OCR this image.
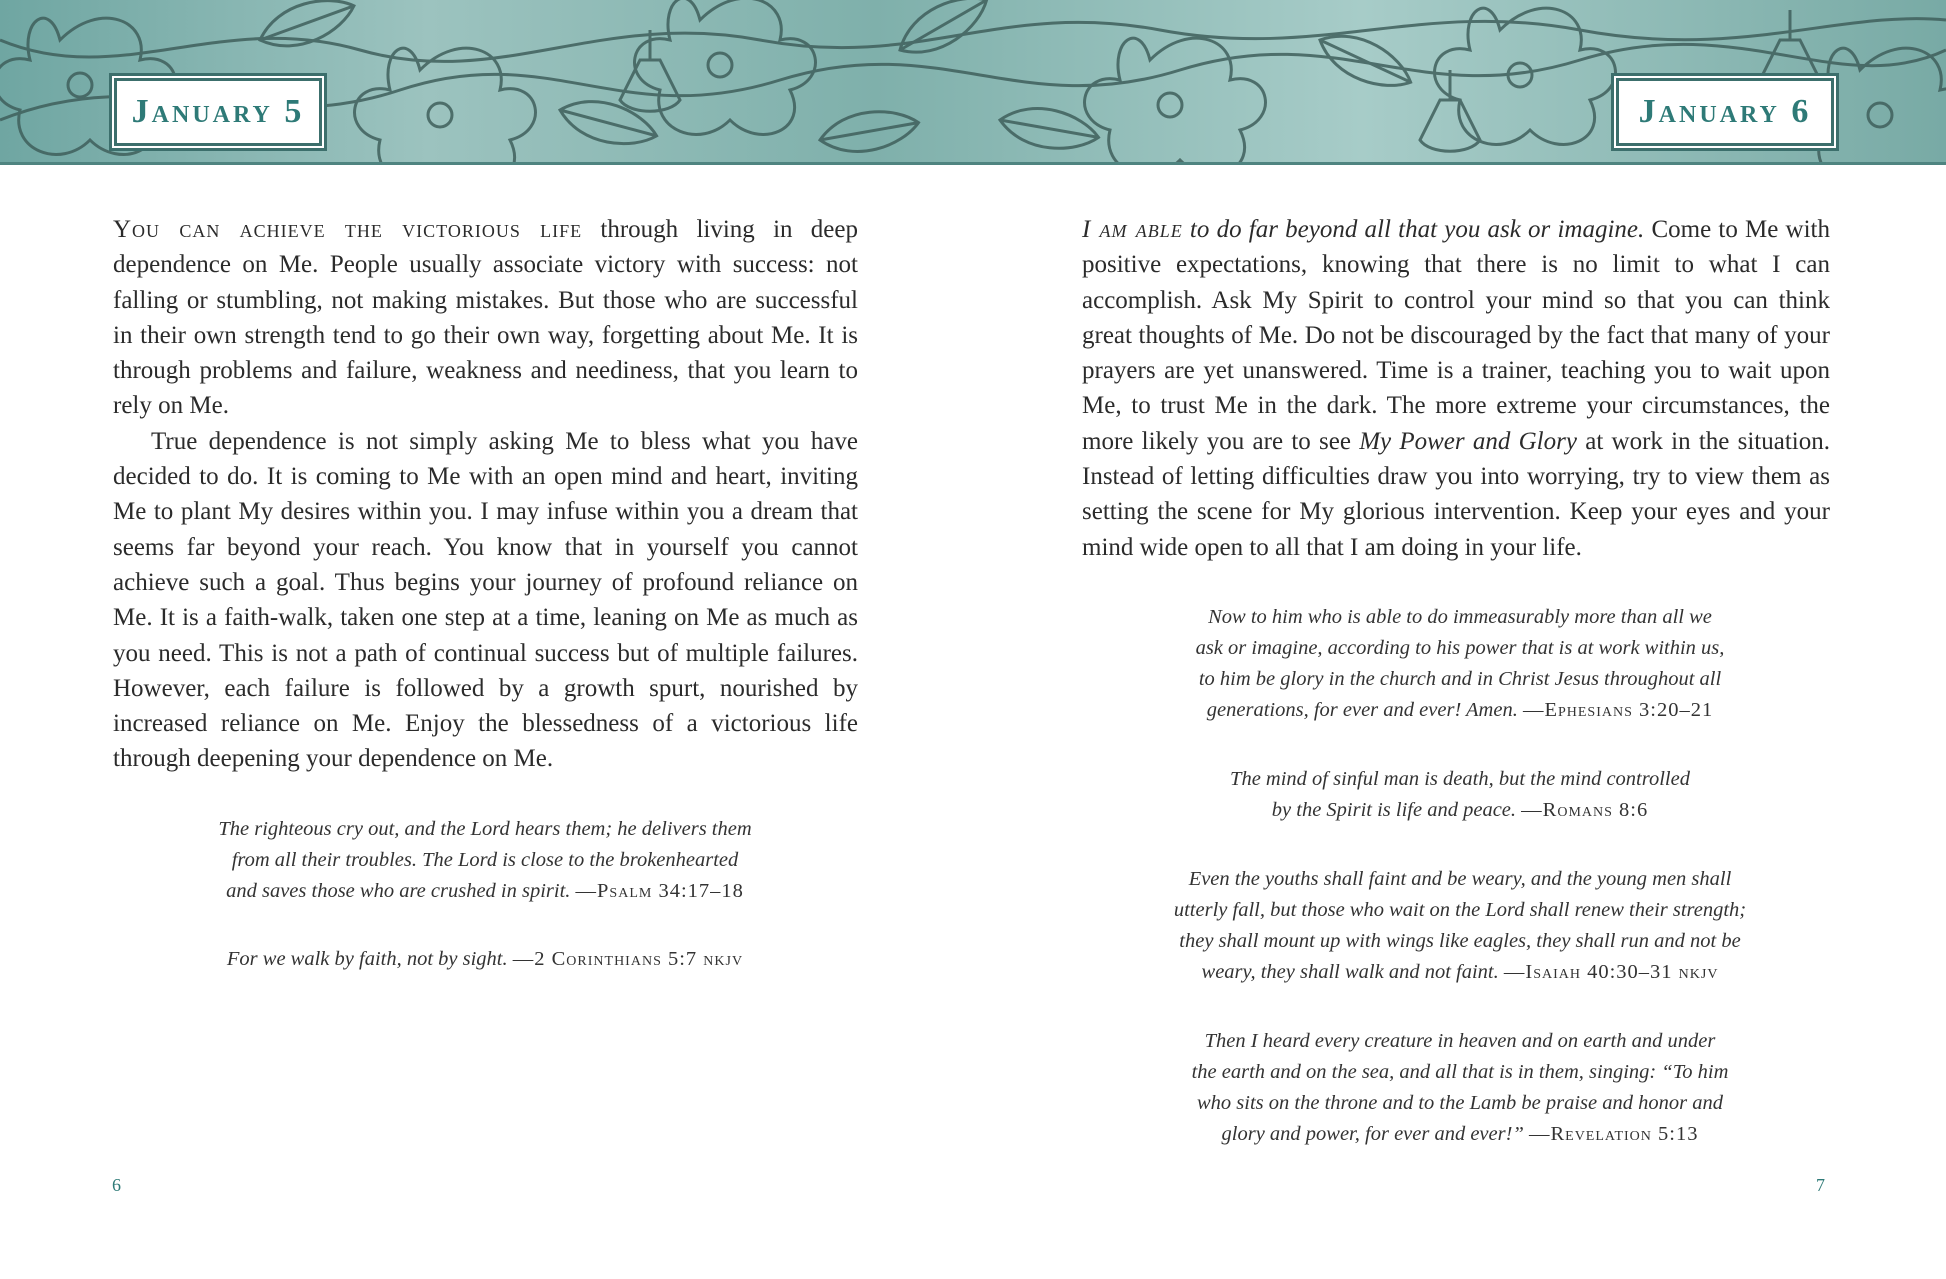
January 5	January 6

You can achieve the victorious life through living in deep dependence on Me. People usually associate victory with success: not falling or stumbling, not making mistakes. But those who are successful in their own strength tend to go their own way, forgetting about Me. It is through problems and failure, weakness and neediness, that you learn to rely on Me.

True dependence is not simply asking Me to bless what you have decided to do. It is coming to Me with an open mind and heart, inviting Me to plant My desires within you. I may infuse within you a dream that seems far beyond your reach. You know that in yourself you cannot achieve such a goal. Thus begins your journey of profound reliance on Me. It is a faith-walk, taken one step at a time, leaning on Me as much as you need. This is not a path of continual success but of multiple failures. However, each failure is followed by a growth spurt, nourished by increased reliance on Me. Enjoy the blessedness of a victorious life through deepening your dependence on Me.

The righteous cry out, and the Lord hears them; he delivers them
from all their troubles. The Lord is close to the brokenhearted
and saves those who are crushed in spirit. —Psalm 34:17–18
For we walk by faith, not by sight. —2 Corinthians 5:7 nkjv
6

I am able to do far beyond all that you ask or imagine. Come to Me with positive expectations, knowing that there is no limit to what I can accomplish. Ask My Spirit to control your mind so that you can think great thoughts of Me. Do not be discouraged by the fact that many of your prayers are yet unanswered. Time is a trainer, teaching you to wait upon Me, to trust Me in the dark. The more extreme your circumstances, the more likely you are to see My Power and Glory at work in the situation. Instead of letting difficulties draw you into worrying, try to view them as setting the scene for My glorious intervention. Keep your eyes and your mind wide open to all that I am doing in your life.

Now to him who is able to do immeasurably more than all we
ask or imagine, according to his power that is at work within us,
to him be glory in the church and in Christ Jesus throughout all
generations, for ever and ever! Amen. —Ephesians 3:20–21
The mind of sinful man is death, but the mind controlled
by the Spirit is life and peace. —Romans 8:6
Even the youths shall faint and be weary, and the young men shall
utterly fall, but those who wait on the Lord shall renew their strength;
they shall mount up with wings like eagles, they shall run and not be
weary, they shall walk and not faint. —Isaiah 40:30–31 nkjv
Then I heard every creature in heaven and on earth and under
the earth and on the sea, and all that is in them, singing: “To him
who sits on the throne and to the Lamb be praise and honor and
glory and power, for ever and ever!” —Revelation 5:13
7
